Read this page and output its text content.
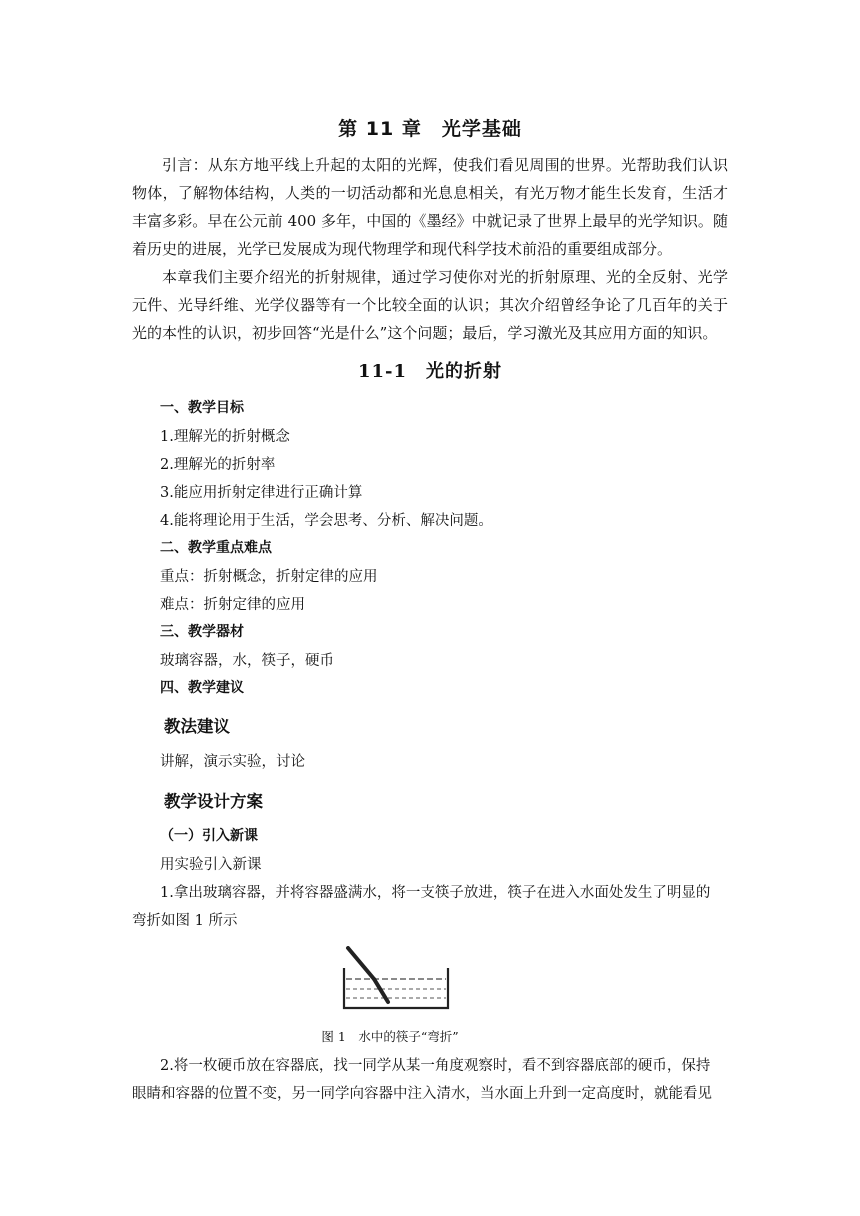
第 11 章　光学基础

引言：从东方地平线上升起的太阳的光辉，使我们看见周围的世界。光帮助我们认识物体，了解物体结构，人类的一切活动都和光息息相关，有光万物才能生长发育，生活才丰富多彩。早在公元前 400 多年，中国的《墨经》中就记录了世界上最早的光学知识。随着历史的进展，光学已发展成为现代物理学和现代科学技术前沿的重要组成部分。

本章我们主要介绍光的折射规律，通过学习使你对光的折射原理、光的全反射、光学元件、光导纤维、光学仪器等有一个比较全面的认识；其次介绍曾经争论了几百年的关于光的本性的认识，初步回答“光是什么”这个问题；最后，学习激光及其应用方面的知识。

11-1　光的折射
一、教学目标
1.理解光的折射概念
2.理解光的折射率
3.能应用折射定律进行正确计算
4.能将理论用于生活，学会思考、分析、解决问题。
二、教学重点难点
重点：折射概念，折射定律的应用
难点：折射定律的应用
三、教学器材
玻璃容器，水，筷子，硬币
四、教学建议
教法建议
讲解，演示实验，讨论
教学设计方案
（一）引入新课
用实验引入新课
1.拿出玻璃容器，并将容器盛满水，将一支筷子放进，筷子在进入水面处发生了明显的
弯折如图 1 所示
图 1　水中的筷子“弯折”
2.将一枚硬币放在容器底，找一同学从某一角度观察时，看不到容器底部的硬币，保持
眼睛和容器的位置不变，另一同学向容器中注入清水，当水面上升到一定高度时，就能看见
